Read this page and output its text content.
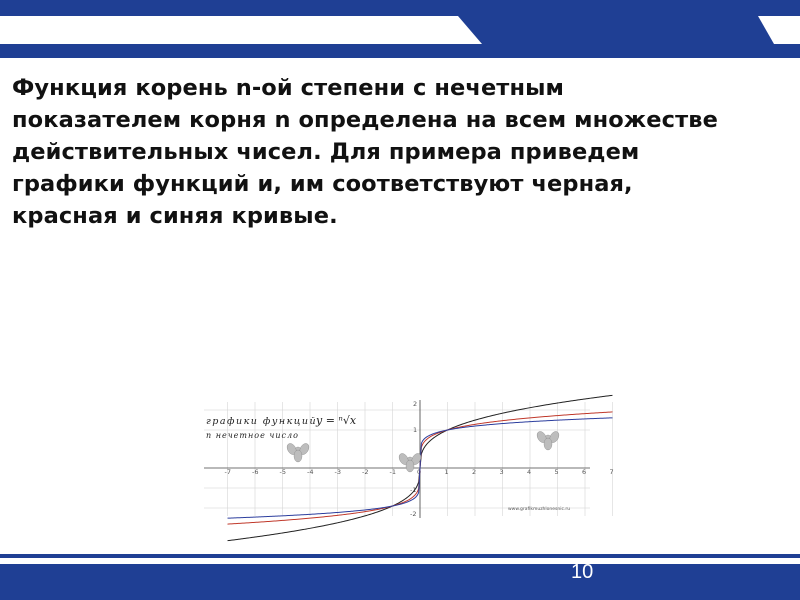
Функция корень n-ой степени с нечетным
показателем корня n определена на всем множестве
действительных чисел. Для примера приведем
графики функций и, им соответствуют черная,
красная и синяя кривые.
-7	-6	-5	-4	-3	-2	-1	0	1	2	3	4	5	6	7
2
1
-1
-2
графики функций
y = ⁿ√x
n нечетное число
www.grafikmuzhlonesnic.ru
10
